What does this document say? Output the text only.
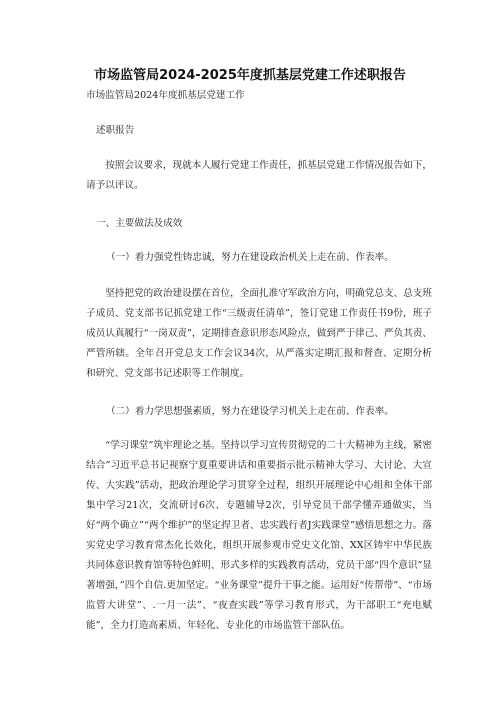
市场监管局2024-2025年度抓基层党建工作述职报告
市场监管局2024年度抓基层党建工作
述职报告
按照会议要求，现就本人履行党建工作责任，抓基层党建工作情况报告如下，请予以评议。
一、主要做法及成效
（一）着力强党性铸忠诚，努力在建设政治机关上走在前、作表率。
坚持把党的政治建设摆在首位，全面扎准守军政治方向，明确党总支、总支班子成员、党支部书记抓党建工作“三级责任清单”，签订党建工作责任书9份，班子成员认真履行“一岗双责”，定期排查意识形态风险点，做到严于律己、严负其责、严管所辖。全年召开党总支工作会议34次，从严落实定期汇报和督查、定期分析和研究、党支部书记述职等工作制度。
（二）着力学思想强素质，努力在建设学习机关上走在前、作表率。
“学习课堂”筑牢理论之基。坚持以学习宣传贯彻党的二十大精神为主线，紧密结合”习近平总书记视察宁夏重要讲话和重要指示批示精神大学习、大讨论、大宣传、大实践”活动，把政治理论学习贯穿全过程，组织开展理论中心组和全体干部集中学习21次，交流研讨6次、专题辅导2次，引导党员干部学懂弄通做实，当好“两个确立”“两个维护”的坚定捍卫者、忠实践行者J实践课堂”感悟思想之力。落实党史学习教育常杰化长效化，组织开展参观市党史文化馆、XX区铸牢中华民族共同体意识教育馆等特色鲜明、形式多样的实践教育活动，党员干部“四个意识”显著增强，”四个自信.更加坚定。“业务课堂”提升干事之能。运用好“传帮带”、“市场监管大讲堂”、.一月一法”、“夜查实践”等学习教育形式，为干部职工“充电赋能”，全力打造高素质、年轻化、专业化的市场监管干部队伍。
